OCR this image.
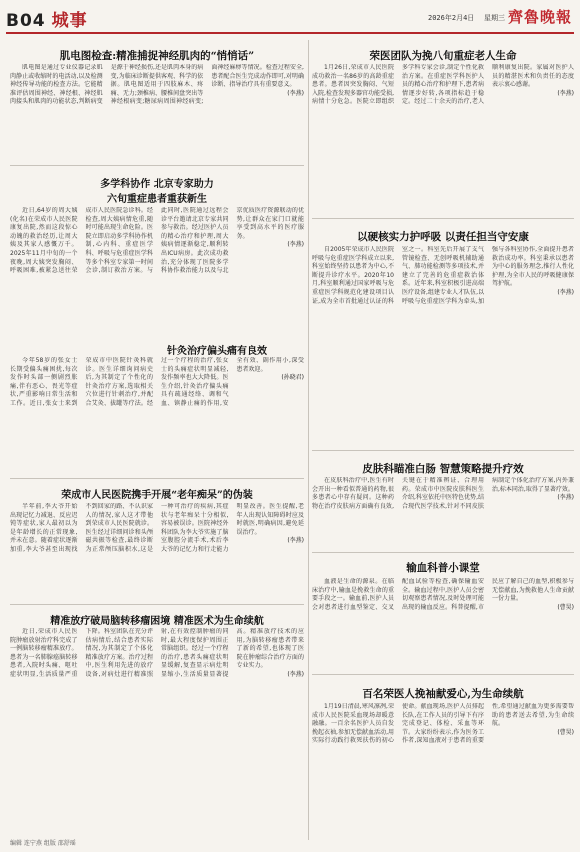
B04 城事	2026年2月4日 星期三 齊魯晚報
肌电图检查:精准捕捉神经肌肉的“悄悄话”

肌电图是通过专业仪器记录肌肉静止或收缩时的电活动,以及检测神经传导功能的检查方法。它能精准评估周围神经、神经根、神经肌肉接头和肌肉的功能状态,判断病变是源于神经损伤,还是肌肉本身的病变,为临床诊断提供客观、科学的依据。肌电图适用于四肢麻木、疼痛、无力;颈椎病、腰椎间盘突出等神经根病变;糖尿病周围神经病变;面神经麻痹等情况。检查过程安全,患者配合医生完成动作即可,对明确诊断、指导治疗具有重要意义。

(李燕)

多学科协作 北京专家助力
六旬重症患者重获新生

近日,64岁的周大姨(化名)在荣成市人民医院康复出院,然而这段惊心动魄的救治经历,让周大姨及其家人感慨万千。2025年11月中旬的一个夜晚,周大姨突发胸闷、呼吸困难,被紧急送往荣成市人民医院急诊科。经检查,周大姨病情危重,随时可能出现生命危险。医院立即启动多学科协作机制,心内科、重症医学科、呼吸与危重症医学科等多个科室专家第一时间会诊,制订救治方案。与此同时,医院通过远程会诊平台邀请北京专家共同参与救治。经过医护人员的精心治疗和护理,周大姨病情逐渐稳定,顺利转出ICU病房。此次成功救治,充分体现了医院多学科协作救治能力以及与北京优质医疗资源联动的优势,让群众在家门口就能享受到高水平的医疗服务。

(李燕)

针灸治疗偏头痛有良效

今年58岁的张女士长期受偏头痛困扰,每次发作时头部一侧剧烈胀痛,伴有恶心、畏光等症状,严重影响日常生活和工作。近日,张女士来到荣成市中医院针灸科就诊。医生详细询问病史后,为其制定了个性化的针灸治疗方案,选取相关穴位进行针刺治疗,并配合艾灸、拔罐等疗法。经过一个疗程的治疗,张女士的头痛症状明显减轻,发作频率也大大降低。医生介绍,针灸治疗偏头痛具有疏通经络、调和气血、镇静止痛的作用,安全有效、副作用小,深受患者欢迎。

(孙晓君)

荣成市人民医院携手开展“老年痴呆”的伪装

半年前,李大爷开始出现记忆力减退、反应迟钝等症状,家人最初以为是年龄增长的正常现象,并未在意。随着症状逐渐加重,李大爷甚至出现找不到回家的路、不认识家人的情况,家人这才带他到荣成市人民医院就诊。医生经过详细问诊和头颅磁共振等检查,最终诊断为正常颅压脑积水,这是一种可治疗的疾病,其症状与老年痴呆十分相似,容易被误诊。医院神经外科团队为李大爷实施了脑室腹腔分流手术,术后李大爷的记忆力和行走能力明显改善。医生提醒,老年人出现认知障碍时应及时就医,明确病因,避免延误治疗。

(李燕)

精准放疗破局脑转移瘤困境 精准医术为生命续航

近日,荣成市人民医院肿瘤放射治疗科完成了一例脑转移瘤精准放疗。患者为一名肺腺癌脑转移患者,入院时头痛、呕吐症状明显,生活质量严重下降。科室团队在充分评估病情后,结合患者实际情况,为其制定了个体化精准放疗方案。治疗过程中,医生利用先进的放疗设备,对病灶进行精准照射,在有效控制肿瘤的同时,最大程度保护周围正常脑组织。经过一个疗程的治疗,患者头痛症状明显缓解,复查显示病灶明显缩小,生活质量显著提高。精准放疗技术的应用,为脑转移瘤患者带来了新的希望,也体现了医院在肿瘤综合治疗方面的专业实力。

(李燕)

荣医团队为挽八旬重症老人生命

1月26日,荣成市人民医院成功救治一名86岁的高龄重症患者。患者因突发胸闷、气短入院,检查发现多器官功能受损,病情十分危急。医院立即组织多学科专家会诊,制定个性化救治方案。在重症医学科医护人员的精心治疗和护理下,患者病情逐步好转,各项指标趋于稳定。经过二十余天的治疗,老人顺利康复出院。家属对医护人员的精湛医术和负责任的态度表示衷心感谢。

(李燕)

以硬核实力护呼吸 以责任担当守安康

自2005年荣成市人民医院呼吸与危重症医学科成立以来,科室始终坚持以患者为中心,不断提升诊疗水平。2020年10月,科室顺利通过国家呼吸与危重症医学科规范化建设项目认证,成为全市首批通过认证的科室之一。科室先后开展了支气管镜检查、无创呼吸机辅助通气、肺功能检测等多项技术,并建立了完善的危重症救治体系。近年来,科室积极引进高端医疗设备,组建专业人才队伍,以呼吸与危重症医学科为牵头,加强与各科室协作,全面提升患者救治成功率。科室秉承以患者为中心的服务理念,推行人性化护理,为全市人民的呼吸健康保驾护航。

(李燕)

皮肤科瞄准白肠 智慧策略提升疗效

在皮肤科治疗中,医生有时会开出一种看似普通的药物,很多患者心中存有疑问。这种药物在治疗皮肤病方面确有良效,关键在于精准辨证、合理用药。荣成市中医院皮肤科医生介绍,科室依托中医特色优势,结合现代医学技术,针对不同皮肤病制定个体化治疗方案,内外兼治,标本同治,取得了显著疗效。

(李燕)

输血科普小课堂

血液是生命的源泉。在临床治疗中,输血是挽救生命的重要手段之一。输血前,医护人员会对患者进行血型鉴定、交叉配血试验等检查,确保输血安全。输血过程中,医护人员会密切观察患者情况,及时处理可能出现的输血反应。科普提醒,市民应了解自己的血型,积极参与无偿献血,为挽救他人生命贡献一份力量。

(曹昊)

百名荣医人挽袖献爱心,为生命续航

1月19日清晨,寒风凛冽,荣成市人民医院采血现场却暖意融融。一百余名医护人员自发挽起衣袖,参加无偿献血活动,用实际行动践行救死扶伤的初心使命。献血现场,医护人员排起长队,在工作人员的引导下有序完成登记、体检、采血等环节。大家纷纷表示,作为医务工作者,深知血液对于患者的重要性,希望通过献血为更多需要帮助的患者送去希望,为生命续航。

(曹昊)

编辑 连宁燕 组版 邵舒瑶
